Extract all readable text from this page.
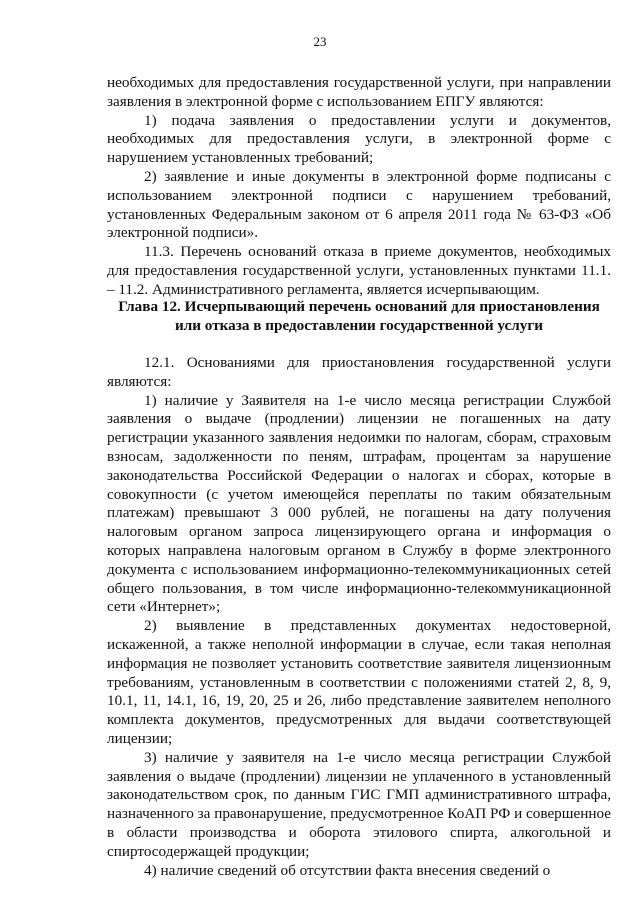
23

необходимых для предоставления государственной услуги, при направлении заявления в электронной форме с использованием ЕПГУ являются:

1) подача заявления о предоставлении услуги и документов, необходимых для предоставления услуги, в электронной форме с нарушением установленных требований;

2) заявление и иные документы в электронной форме подписаны с использованием электронной подписи с нарушением требований, установленных Федеральным законом от 6 апреля 2011 года № 63-ФЗ «Об электронной подписи».

11.3. Перечень оснований отказа в приеме документов, необходимых для предоставления государственной услуги, установленных пунктами 11.1. – 11.2. Административного регламента, является исчерпывающим.

Глава 12. Исчерпывающий перечень оснований для приостановления
или отказа в предоставлении государственной услуги

12.1. Основаниями для приостановления государственной услуги являются:

1) наличие у Заявителя на 1-е число месяца регистрации Службой заявления о выдаче (продлении) лицензии не погашенных на дату регистрации указанного заявления недоимки по налогам, сборам, страховым взносам, задолженности по пеням, штрафам, процентам за нарушение законодательства Российской Федерации о налогах и сборах, которые в совокупности (с учетом имеющейся переплаты по таким обязательным платежам) превышают 3 000 рублей, не погашены на дату получения налоговым органом запроса лицензирующего органа и информация о которых направлена налоговым органом в Службу в форме электронного документа с использованием информационно-телекоммуникационных сетей общего пользования, в том числе информационно-телекоммуникационной сети «Интернет»;

2) выявление в представленных документах недостоверной, искаженной, а также неполной информации в случае, если такая неполная информация не позволяет установить соответствие заявителя лицензионным требованиям, установленным в соответствии с положениями статей 2, 8, 9, 10.1, 11, 14.1, 16, 19, 20, 25 и 26, либо представление заявителем неполного комплекта документов, предусмотренных для выдачи соответствующей лицензии;

3) наличие у заявителя на 1-е число месяца регистрации Службой заявления о выдаче (продлении) лицензии не уплаченного в установленный законодательством срок, по данным ГИС ГМП административного штрафа, назначенного за правонарушение, предусмотренное КоАП РФ и совершенное в области производства и оборота этилового спирта, алкогольной и спиртосодержащей продукции;

4) наличие сведений об отсутствии факта внесения сведений о
